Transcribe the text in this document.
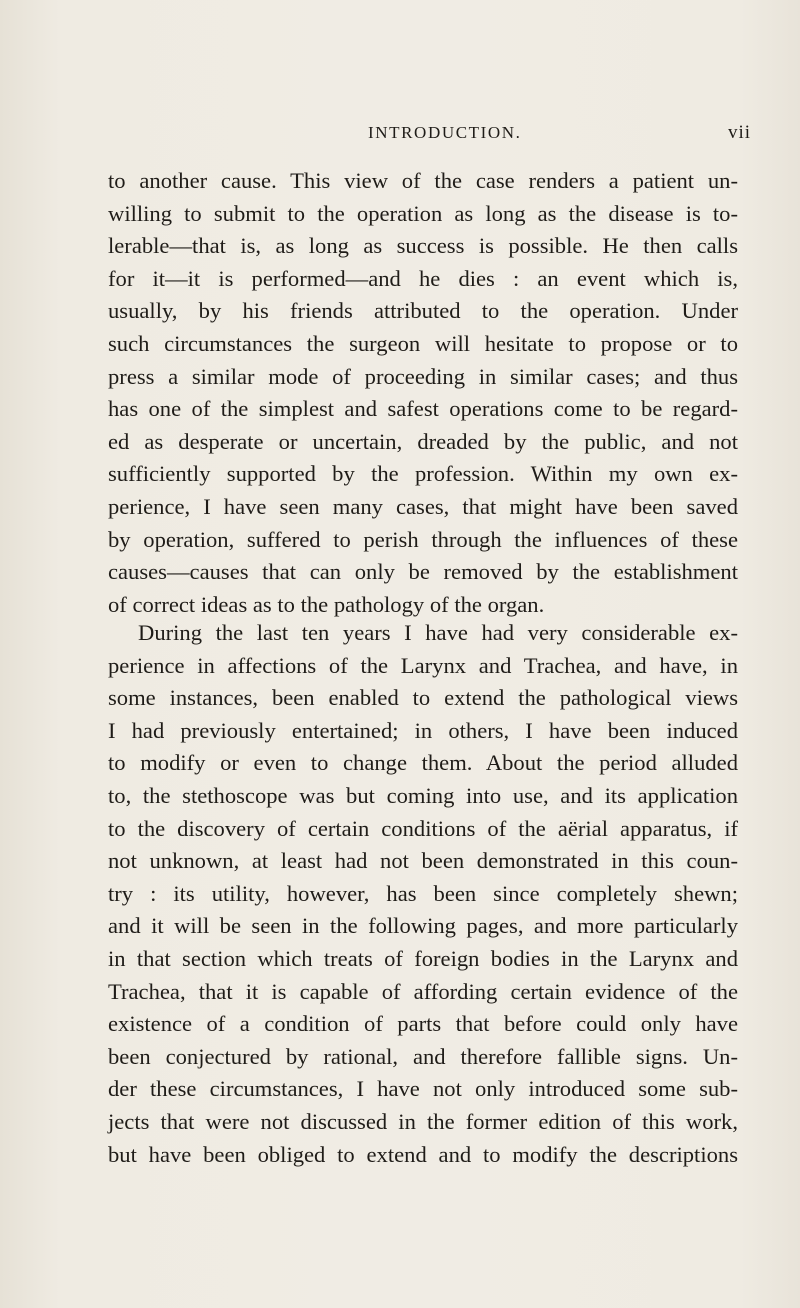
INTRODUCTION.	vii
to another cause. This view of the case renders a patient un-
willing to submit to the operation as long as the disease is to-
lerable—that is, as long as success is possible. He then calls
for it—it is performed—and he dies : an event which is,
usually, by his friends attributed to the operation. Under
such circumstances the surgeon will hesitate to propose or to
press a similar mode of proceeding in similar cases; and thus
has one of the simplest and safest operations come to be regard-
ed as desperate or uncertain, dreaded by the public, and not
sufficiently supported by the profession. Within my own ex-
perience, I have seen many cases, that might have been saved
by operation, suffered to perish through the influences of these
causes—causes that can only be removed by the establishment
of correct ideas as to the pathology of the organ.
During the last ten years I have had very considerable ex-
perience in affections of the Larynx and Trachea, and have, in
some instances, been enabled to extend the pathological views
I had previously entertained; in others, I have been induced
to modify or even to change them. About the period alluded
to, the stethoscope was but coming into use, and its application
to the discovery of certain conditions of the aërial apparatus, if
not unknown, at least had not been demonstrated in this coun-
try : its utility, however, has been since completely shewn;
and it will be seen in the following pages, and more particularly
in that section which treats of foreign bodies in the Larynx and
Trachea, that it is capable of affording certain evidence of the
existence of a condition of parts that before could only have
been conjectured by rational, and therefore fallible signs. Un-
der these circumstances, I have not only introduced some sub-
jects that were not discussed in the former edition of this work,
but have been obliged to extend and to modify the descriptions
